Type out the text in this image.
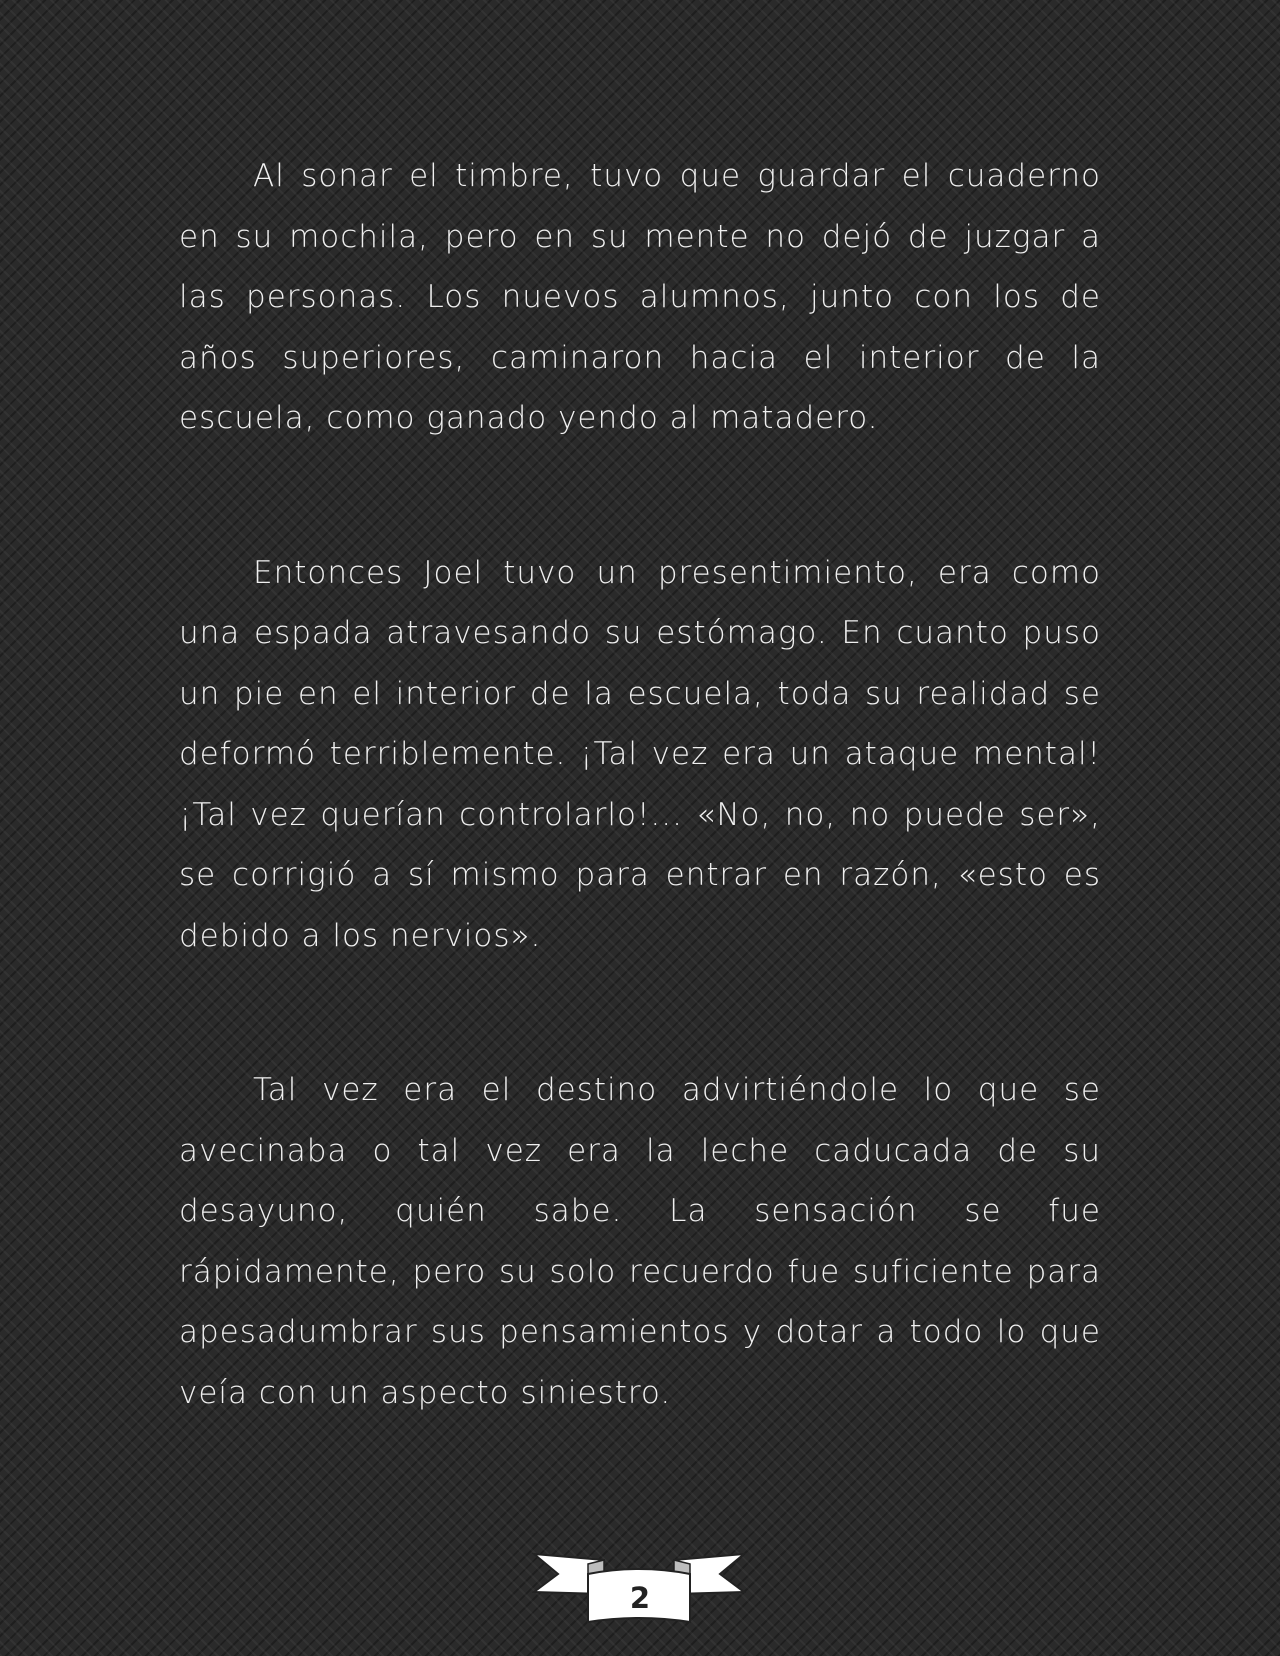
Al sonar el timbre, tuvo que guardar el cuaderno en su mochila, pero en su mente no dejó de juzgar a las personas. Los nuevos alumnos, junto con los de años superiores, caminaron hacia el interior de la escuela, como ganado yendo al matadero.

Entonces Joel tuvo un presentimiento, era como una espada atravesando su estómago. En cuanto puso un pie en el interior de la escuela, toda su realidad se deformó terriblemente. ¡Tal vez era un ataque mental! ¡Tal vez querían controlarlo!... «No, no, no puede ser», se corrigió a sí mismo para entrar en razón, «esto es debido a los nervios».

Tal vez era el destino advirtiéndole lo que se avecinaba o tal vez era la leche caducada de su desayuno, quién sabe. La sensación se fue rápidamente, pero su solo recuerdo fue suficiente para apesadumbrar sus pensamientos y dotar a todo lo que veía con un aspecto siniestro.

2
